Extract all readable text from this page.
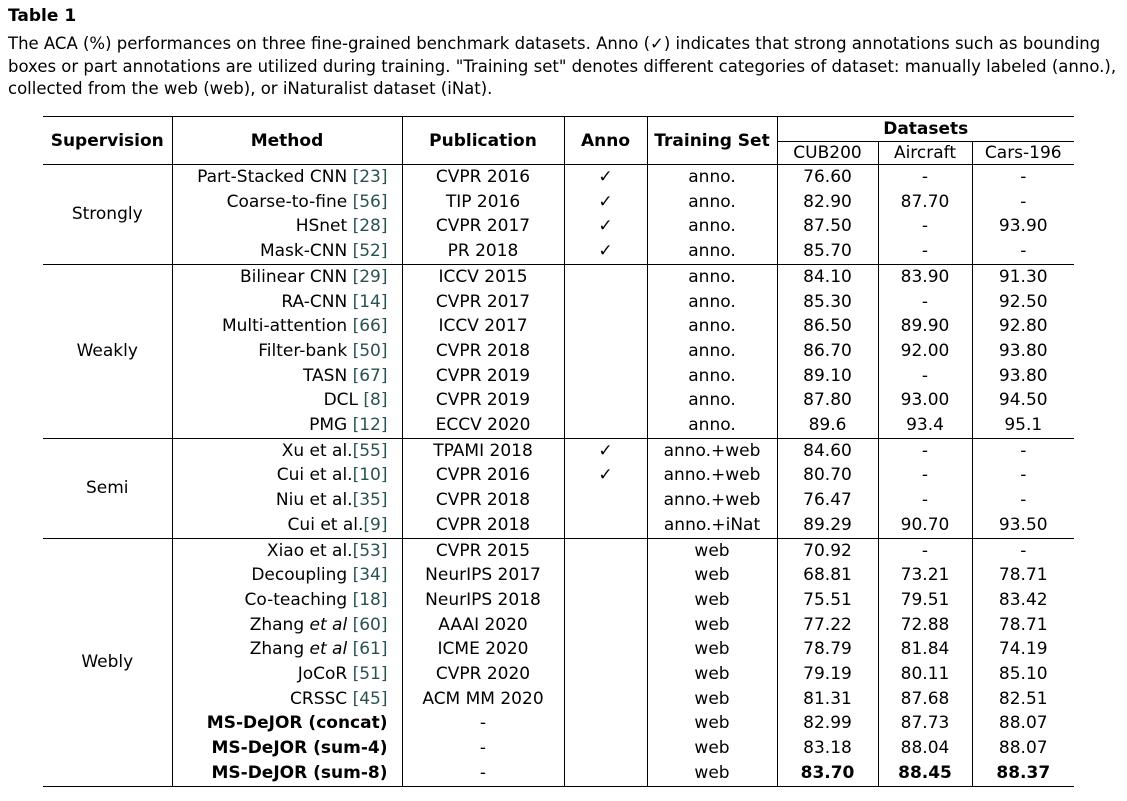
Table 1
The ACA (%) performances on three fine-grained benchmark datasets. Anno (✓) indicates that strong annotations such as bounding boxes or part annotations are utilized during training. "Training set" denotes different categories of dataset: manually labeled (anno.), collected from the web (web), or iNaturalist dataset (iNat).
Supervision	Method	Publication	Anno	Training Set	Datasets		
					CUB200	Aircraft	Cars-196
Strongly	Part-Stacked CNN [23]	CVPR 2016	✓	anno.	76.60	-	-
	Coarse-to-fine [56]	TIP 2016	✓	anno.	82.90	87.70	-
	HSnet [28]	CVPR 2017	✓	anno.	87.50	-	93.90
	Mask-CNN [52]	PR 2018	✓	anno.	85.70	-	-
Weakly	Bilinear CNN [29]	ICCV 2015		anno.	84.10	83.90	91.30
	RA-CNN [14]	CVPR 2017		anno.	85.30	-	92.50
	Multi-attention [66]	ICCV 2017		anno.	86.50	89.90	92.80
	Filter-bank [50]	CVPR 2018		anno.	86.70	92.00	93.80
	TASN [67]	CVPR 2019		anno.	89.10	-	93.80
	DCL [8]	CVPR 2019		anno.	87.80	93.00	94.50
	PMG [12]	ECCV 2020		anno.	89.6	93.4	95.1
Semi	Xu et al.[55]	TPAMI 2018	✓	anno.+web	84.60	-	-
	Cui et al.[10]	CVPR 2016	✓	anno.+web	80.70	-	-
	Niu et al.[35]	CVPR 2018		anno.+web	76.47	-	-
	Cui et al.[9]	CVPR 2018		anno.+iNat	89.29	90.70	93.50
Webly	Xiao et al.[53]	CVPR 2015		web	70.92	-	-
	Decoupling [34]	NeurIPS 2017		web	68.81	73.21	78.71
	Co-teaching [18]	NeurIPS 2018		web	75.51	79.51	83.42
	Zhang et al [60]	AAAI 2020		web	77.22	72.88	78.71
	Zhang et al [61]	ICME 2020		web	78.79	81.84	74.19
	JoCoR [51]	CVPR 2020		web	79.19	80.11	85.10
	CRSSC [45]	ACM MM 2020		web	81.31	87.68	82.51
	MS-DeJOR (concat)	-		web	82.99	87.73	88.07
	MS-DeJOR (sum-4)	-		web	83.18	88.04	88.07
	MS-DeJOR (sum-8)	-		web	83.70	88.45	88.37
